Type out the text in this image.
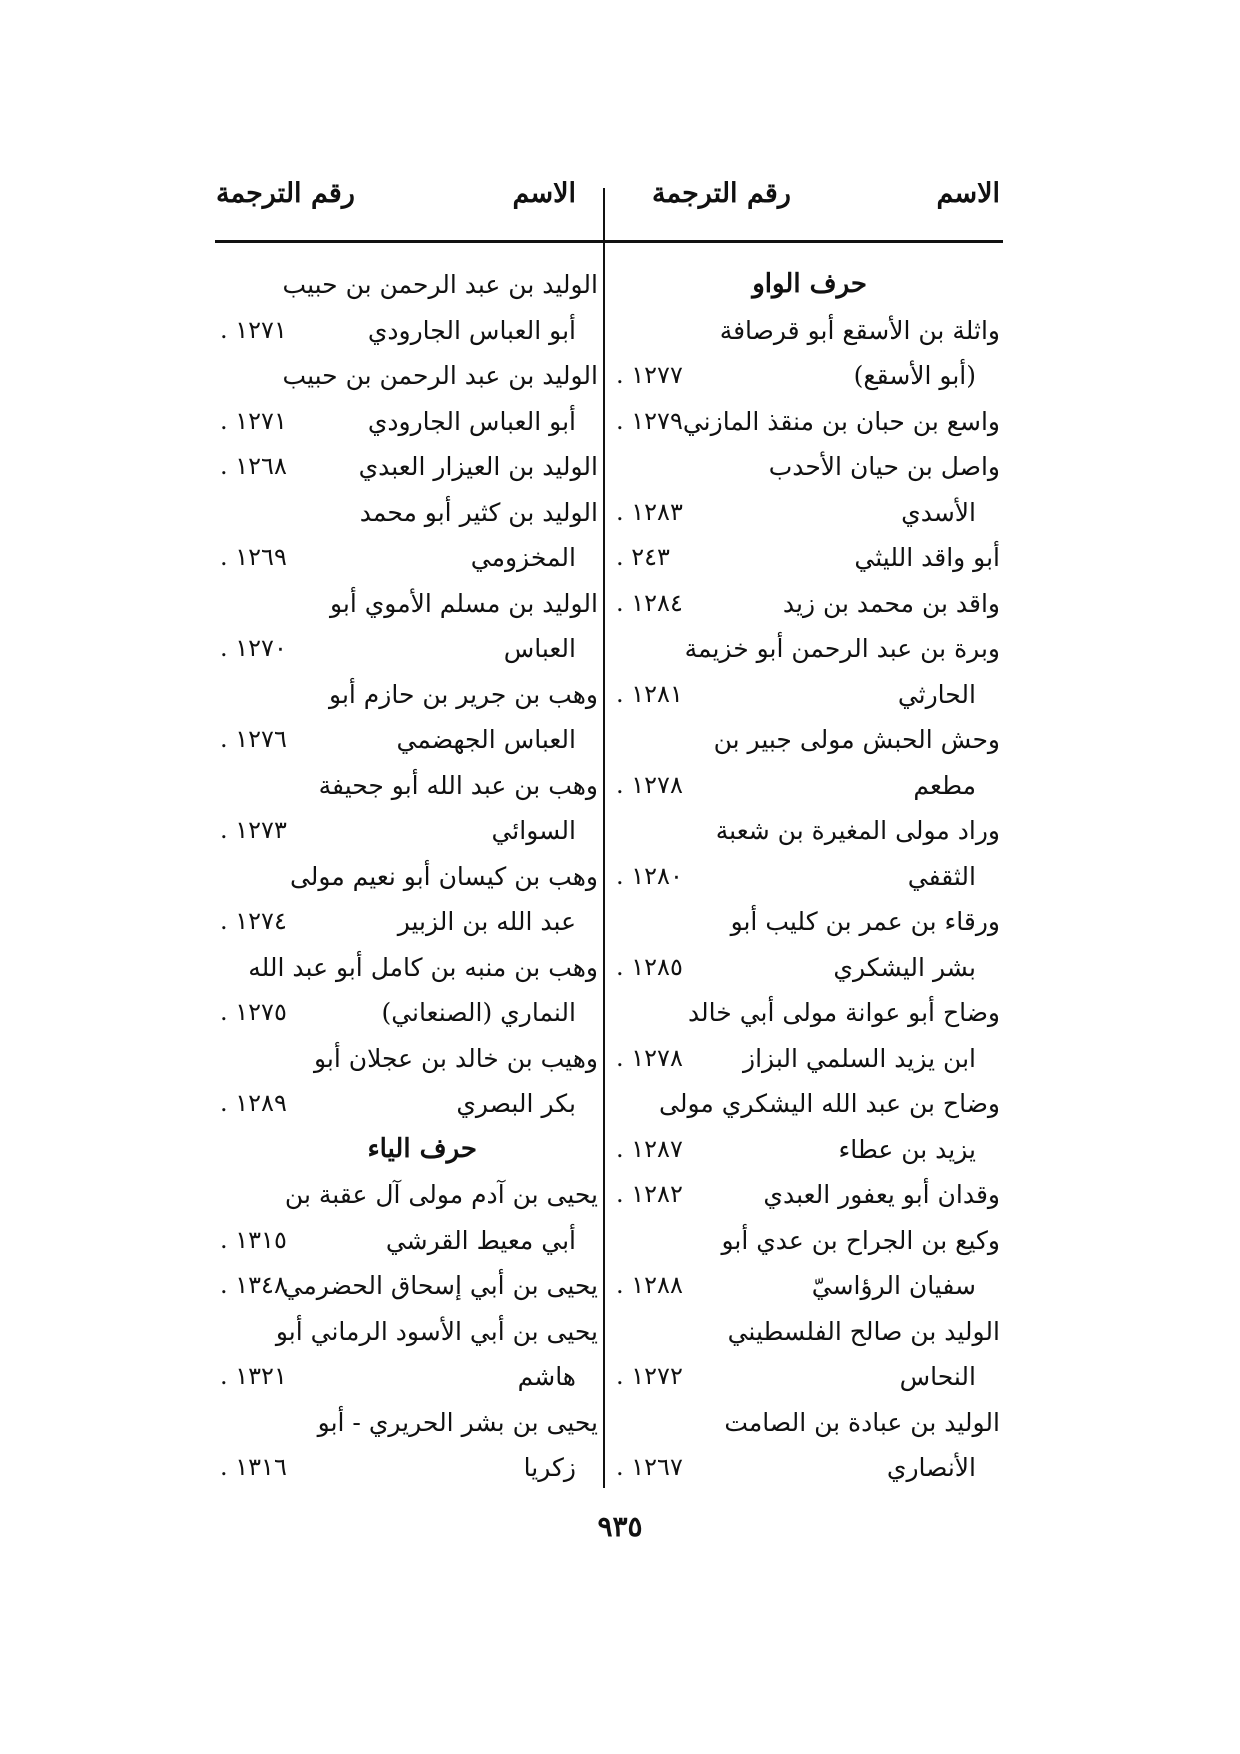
الاسم
رقم الترجمة
الاسم
رقم الترجمة
حرف الواو
واثلة بن الأسقع أبو قرصافة
(أبو الأسقع)
١٢٧٧ .
واسع بن حبان بن منقذ المازني
١٢٧٩ .
واصل بن حيان الأحدب
الأسدي
١٢٨٣ .
أبو واقد الليثي
٢٤٣ .
واقد بن محمد بن زيد
١٢٨٤ .
وبرة بن عبد الرحمن أبو خزيمة
الحارثي
١٢٨١ .
وحش الحبش مولى جبير بن
مطعم
١٢٧٨ .
وراد مولى المغيرة بن شعبة
الثقفي
١٢٨٠ .
ورقاء بن عمر بن كليب أبو
بشر اليشكري
١٢٨٥ .
وضاح أبو عوانة مولى أبي خالد
ابن يزيد السلمي البزاز
١٢٧٨ .
وضاح بن عبد الله اليشكري مولى
يزيد بن عطاء
١٢٨٧ .
وقدان أبو يعفور العبدي
١٢٨٢ .
وكيع بن الجراح بن عدي أبو
سفيان الرؤاسيّ
١٢٨٨ .
الوليد بن صالح الفلسطيني
النحاس
١٢٧٢ .
الوليد بن عبادة بن الصامت
الأنصاري
١٢٦٧ .
الوليد بن عبد الرحمن بن حبيب
أبو العباس الجارودي
١٢٧١ .
الوليد بن عبد الرحمن بن حبيب
أبو العباس الجارودي
١٢٧١ .
الوليد بن العيزار العبدي
١٢٦٨ .
الوليد بن كثير أبو محمد
المخزومي
١٢٦٩ .
الوليد بن مسلم الأموي أبو
العباس
١٢٧٠ .
وهب بن جرير بن حازم أبو
العباس الجهضمي
١٢٧٦ .
وهب بن عبد الله أبو جحيفة
السوائي
١٢٧٣ .
وهب بن كيسان أبو نعيم مولى
عبد الله بن الزبير
١٢٧٤ .
وهب بن منبه بن كامل أبو عبد الله
النماري (الصنعاني)
١٢٧٥ .
وهيب بن خالد بن عجلان أبو
بكر البصري
١٢٨٩ .
حرف الياء
يحيى بن آدم مولى آل عقبة بن
أبي معيط القرشي
١٣١٥ .
يحيى بن أبي إسحاق الحضرمي
١٣٤٨ .
يحيى بن أبي الأسود الرماني أبو
هاشم
١٣٢١ .
يحيى بن بشر الحريري - أبو
زكريا
١٣١٦ .
٩٣٥
